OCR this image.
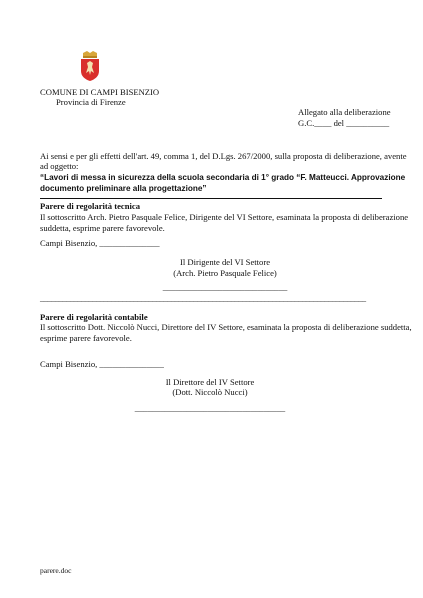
COMUNE DI CAMPI BISENZIO
Provincia di Firenze
Allegato alla deliberazione
G.C.____ del __________
Ai sensi e per gli effetti dell'art. 49, comma 1, del D.Lgs. 267/2000, sulla proposta di deliberazione, avente
ad oggetto:
“Lavori di messa in sicurezza della scuola secondaria di 1° grado “F. Matteucci. Approvazione
documento preliminare alla progettazione”
Parere di regolarità tecnica
Il sottoscritto Arch. Pietro Pasquale Felice, Dirigente del VI Settore, esaminata la proposta di deliberazione
suddetta, esprime parere favorevole.
Campi Bisenzio, ______________
Il Dirigente del VI Settore
(Arch. Pietro Pasquale Felice)
_____________________________
_______________________________________________________________________________________
Parere di regolarità contabile
Il sottoscritto Dott. Niccolò Nucci, Direttore del IV Settore, esaminata la proposta di deliberazione suddetta,
esprime parere favorevole.
Campi Bisenzio, _______________
Il Direttore del IV Settore
(Dott. Niccolò Nucci)
___________________________________
parere.doc
